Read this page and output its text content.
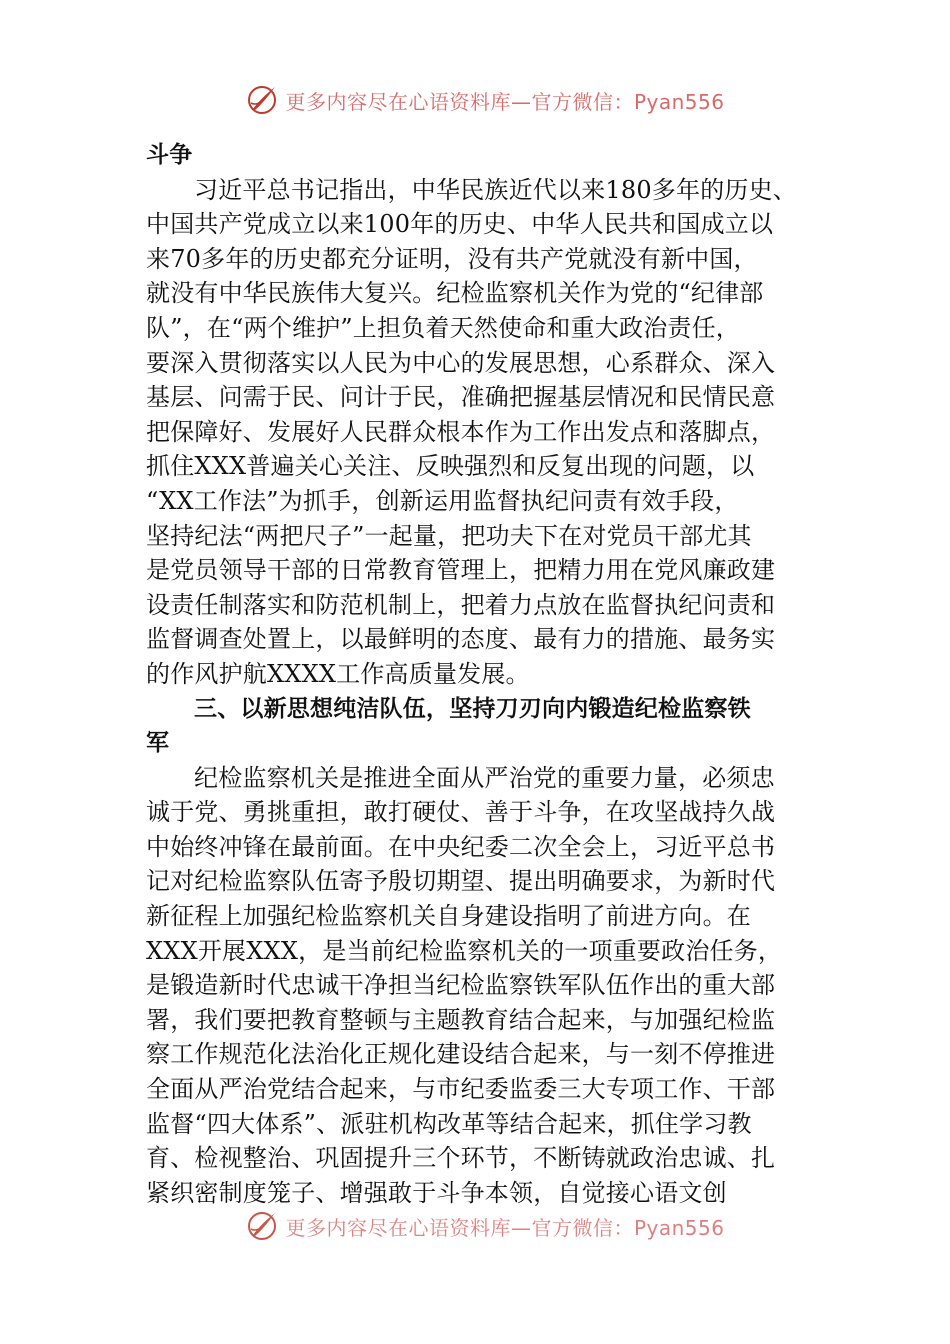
更多内容尽在心语资料库—官方微信：Pyan556
斗争
习近平总书记指出，中华民族近代以来180多年的历史、
中国共产党成立以来100年的历史、中华人民共和国成立以
来70多年的历史都充分证明，没有共产党就没有新中国，
就没有中华民族伟大复兴。纪检监察机关作为党的“纪律部
队”，在“两个维护”上担负着天然使命和重大政治责任，
要深入贯彻落实以人民为中心的发展思想，心系群众、深入
基层、问需于民、问计于民，准确把握基层情况和民情民意
把保障好、发展好人民群众根本作为工作出发点和落脚点，
抓住XXX普遍关心关注、反映强烈和反复出现的问题，以
“XX工作法”为抓手，创新运用监督执纪问责有效手段，
坚持纪法“两把尺子”一起量，把功夫下在对党员干部尤其
是党员领导干部的日常教育管理上，把精力用在党风廉政建
设责任制落实和防范机制上，把着力点放在监督执纪问责和
监督调查处置上，以最鲜明的态度、最有力的措施、最务实
的作风护航XXXX工作高质量发展。
三、以新思想纯洁队伍，坚持刀刃向内锻造纪检监察铁
军
纪检监察机关是推进全面从严治党的重要力量，必须忠
诚于党、勇挑重担，敢打硬仗、善于斗争，在攻坚战持久战
中始终冲锋在最前面。在中央纪委二次全会上，习近平总书
记对纪检监察队伍寄予殷切期望、提出明确要求，为新时代
新征程上加强纪检监察机关自身建设指明了前进方向。在
XXX开展XXX，是当前纪检监察机关的一项重要政治任务，
是锻造新时代忠诚干净担当纪检监察铁军队伍作出的重大部
署，我们要把教育整顿与主题教育结合起来，与加强纪检监
察工作规范化法治化正规化建设结合起来，与一刻不停推进
全面从严治党结合起来，与市纪委监委三大专项工作、干部
监督“四大体系”、派驻机构改革等结合起来，抓住学习教
育、检视整治、巩固提升三个环节，不断铸就政治忠诚、扎
紧织密制度笼子、增强敢于斗争本领，自觉接心语文创
更多内容尽在心语资料库—官方微信：Pyan556
